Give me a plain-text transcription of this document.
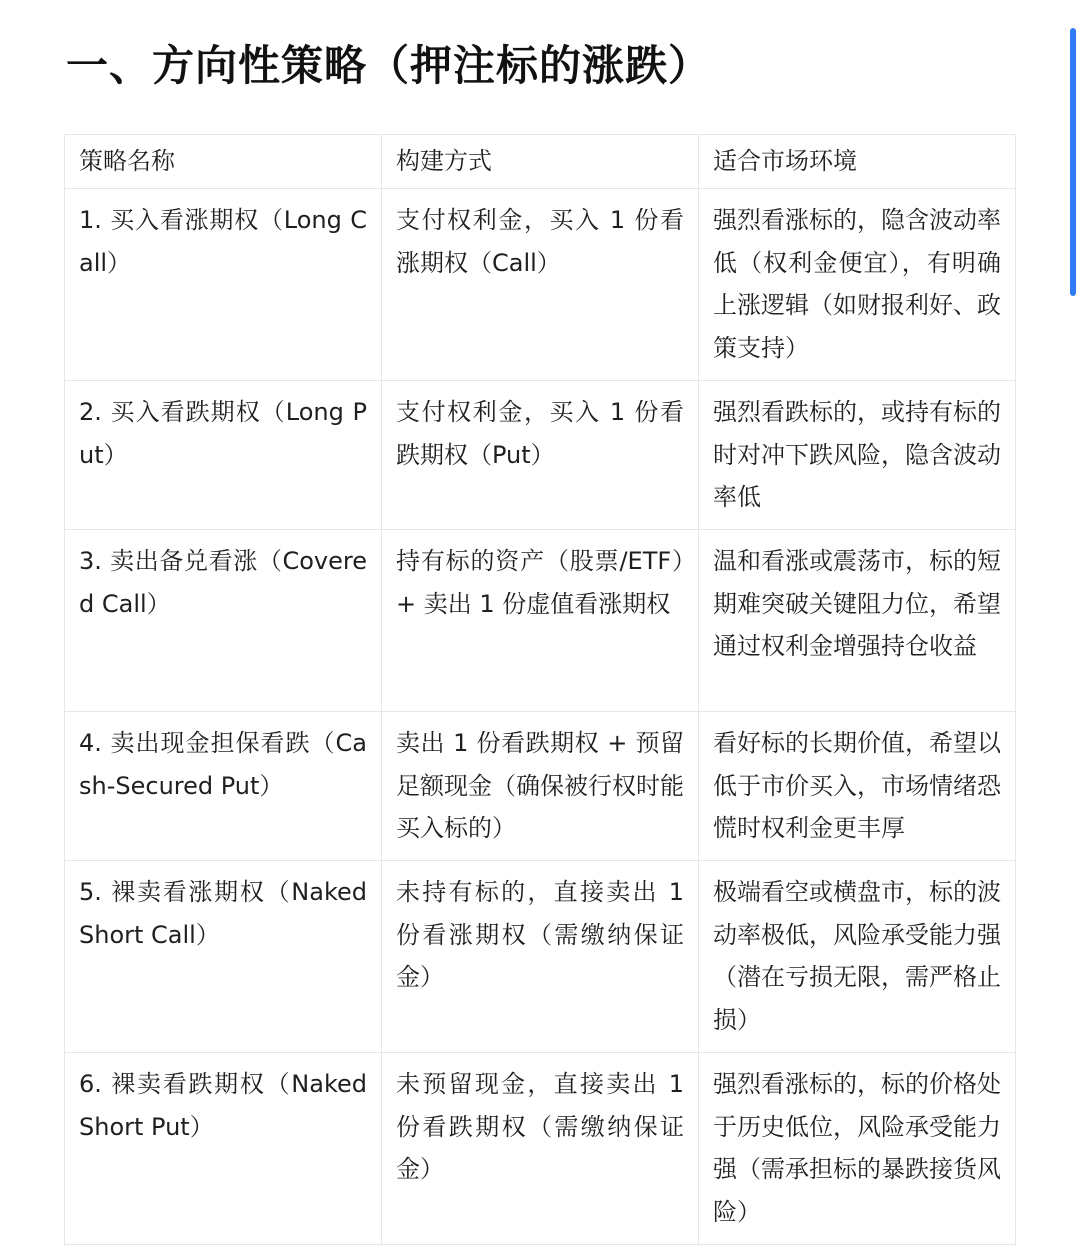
一、方向性策略（押注标的涨跌）
策略名称	构建方式	适合市场环境
1. 买入看涨期权（Long Call）	支付权利金，买入 1 份看涨期权（Call）	强烈看涨标的，隐含波动率低（权利金便宜），有明确上涨逻辑（如财报利好、政策支持）
2. 买入看跌期权（Long Put）	支付权利金，买入 1 份看跌期权（Put）	强烈看跌标的，或持有标的时对冲下跌风险，隐含波动率低
3. 卖出备兑看涨（Covered Call）	持有标的资产（股票/ETF）+ 卖出 1 份虚值看涨期权	温和看涨或震荡市，标的短期难突破关键阻力位，希望通过权利金增强持仓收益
4. 卖出现金担保看跌（Cash-Secured Put）	卖出 1 份看跌期权 + 预留足额现金（确保被行权时能买入标的）	看好标的长期价值，希望以低于市价买入，市场情绪恐慌时权利金更丰厚
5. 裸卖看涨期权（Naked Short Call）	未持有标的，直接卖出 1 份看涨期权（需缴纳保证金）	极端看空或横盘市，标的波动率极低，风险承受能力强（潜在亏损无限，需严格止损）
6. 裸卖看跌期权（Naked Short Put）	未预留现金，直接卖出 1 份看跌期权（需缴纳保证金）	强烈看涨标的，标的价格处于历史低位，风险承受能力强（需承担标的暴跌接货风险）
